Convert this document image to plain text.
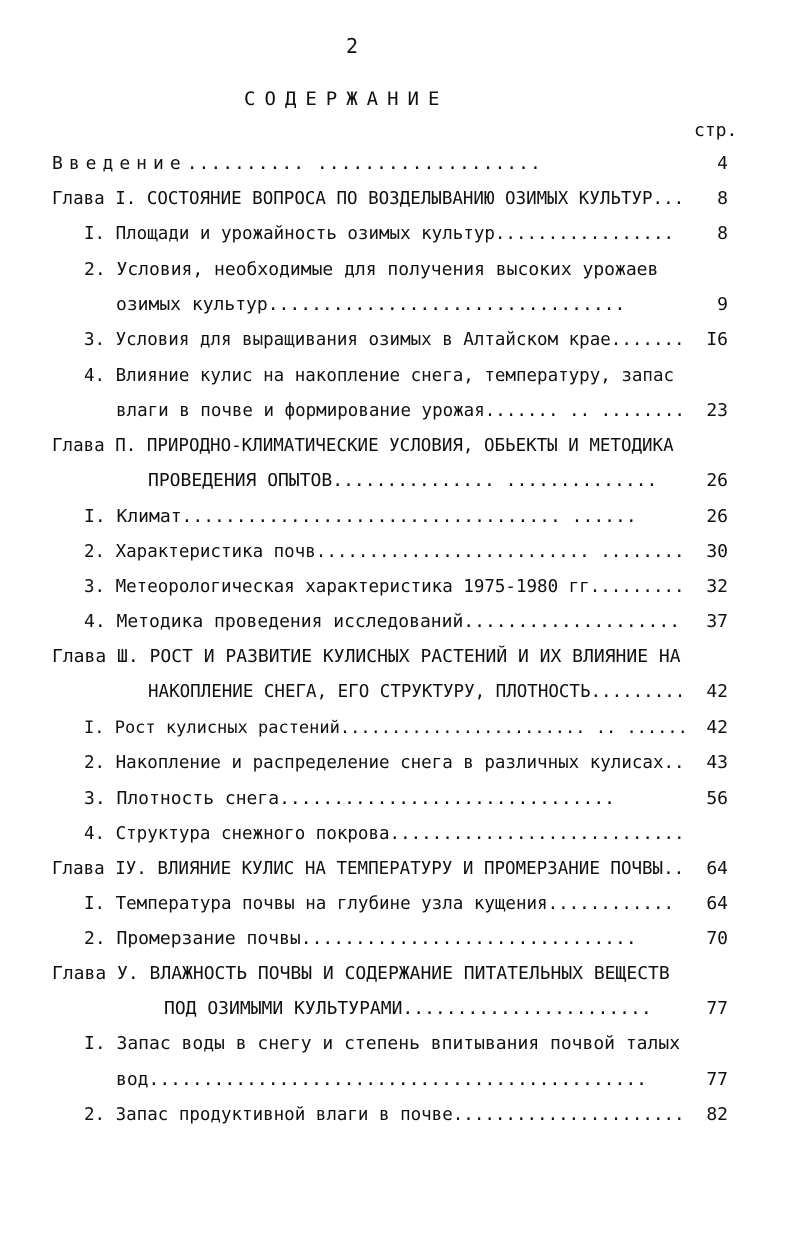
2
СОДЕРЖАНИЕ
стр.
Введение.......... ...................	4
Глава I. СОСТОЯНИЕ ВОПРОСА ПО ВОЗДЕЛЫВАНИЮ ОЗИМЫХ КУЛЬТУР... 8
I. Площади и урожайность озимых культур................. 8
2. Условия, необходимые для получения высоких урожаев
озимых культур.................................	9
3. Условия для выращивания озимых в Алтайском крае....... I6
4. Влияние кулис на накопление снега, температуру, запас
влаги в почве и формирование урожая....... .. ........ 23
Глава П. ПРИРОДНО-КЛИМАТИЧЕСКИЕ УСЛОВИЯ, ОБЬЕКТЫ И МЕТОДИКА
ПРОВЕДЕНИЯ ОПЫТОВ............... ..............	26
I. Климат................................... ......	26
2. Характеристика почв.......................... ........ 30
3. Метеорологическая характеристика 1975-1980 гг......... 32
4. Методика проведения исследований.................... 37
Глава Ш. РОСТ И РАЗВИТИЕ КУЛИСНЫХ РАСТЕНИЙ И ИХ ВЛИЯНИЕ НА
НАКОПЛЕНИЕ СНЕГА, ЕГО СТРУКТУРУ, ПЛОТНОСТЬ......... 42
I. Рост кулисных растений........................ .. ...... 42
2. Накопление и распределение снега в различных кулисах.. 43
3. Плотность снега...............................	56
4. Структура снежного покрова............................
Глава IУ. ВЛИЯНИЕ КУЛИС НА ТЕМПЕРАТУРУ И ПРОМЕРЗАНИЕ ПОЧВЫ.. 64
I. Температура почвы на глубине узла кущения............ 64
2. Промерзание почвы...............................	70
Глава У. ВЛАЖНОСТЬ ПОЧВЫ И СОДЕРЖАНИЕ ПИТАТЕЛЬНЫХ ВЕЩЕСТВ
ПОД ОЗИМЫМИ КУЛЬТУРАМИ.......................	77
I. Запас воды в снегу и степень впитывания почвой талых
вод..............................................	77
2. Запас продуктивной влаги в почве...................... 82
